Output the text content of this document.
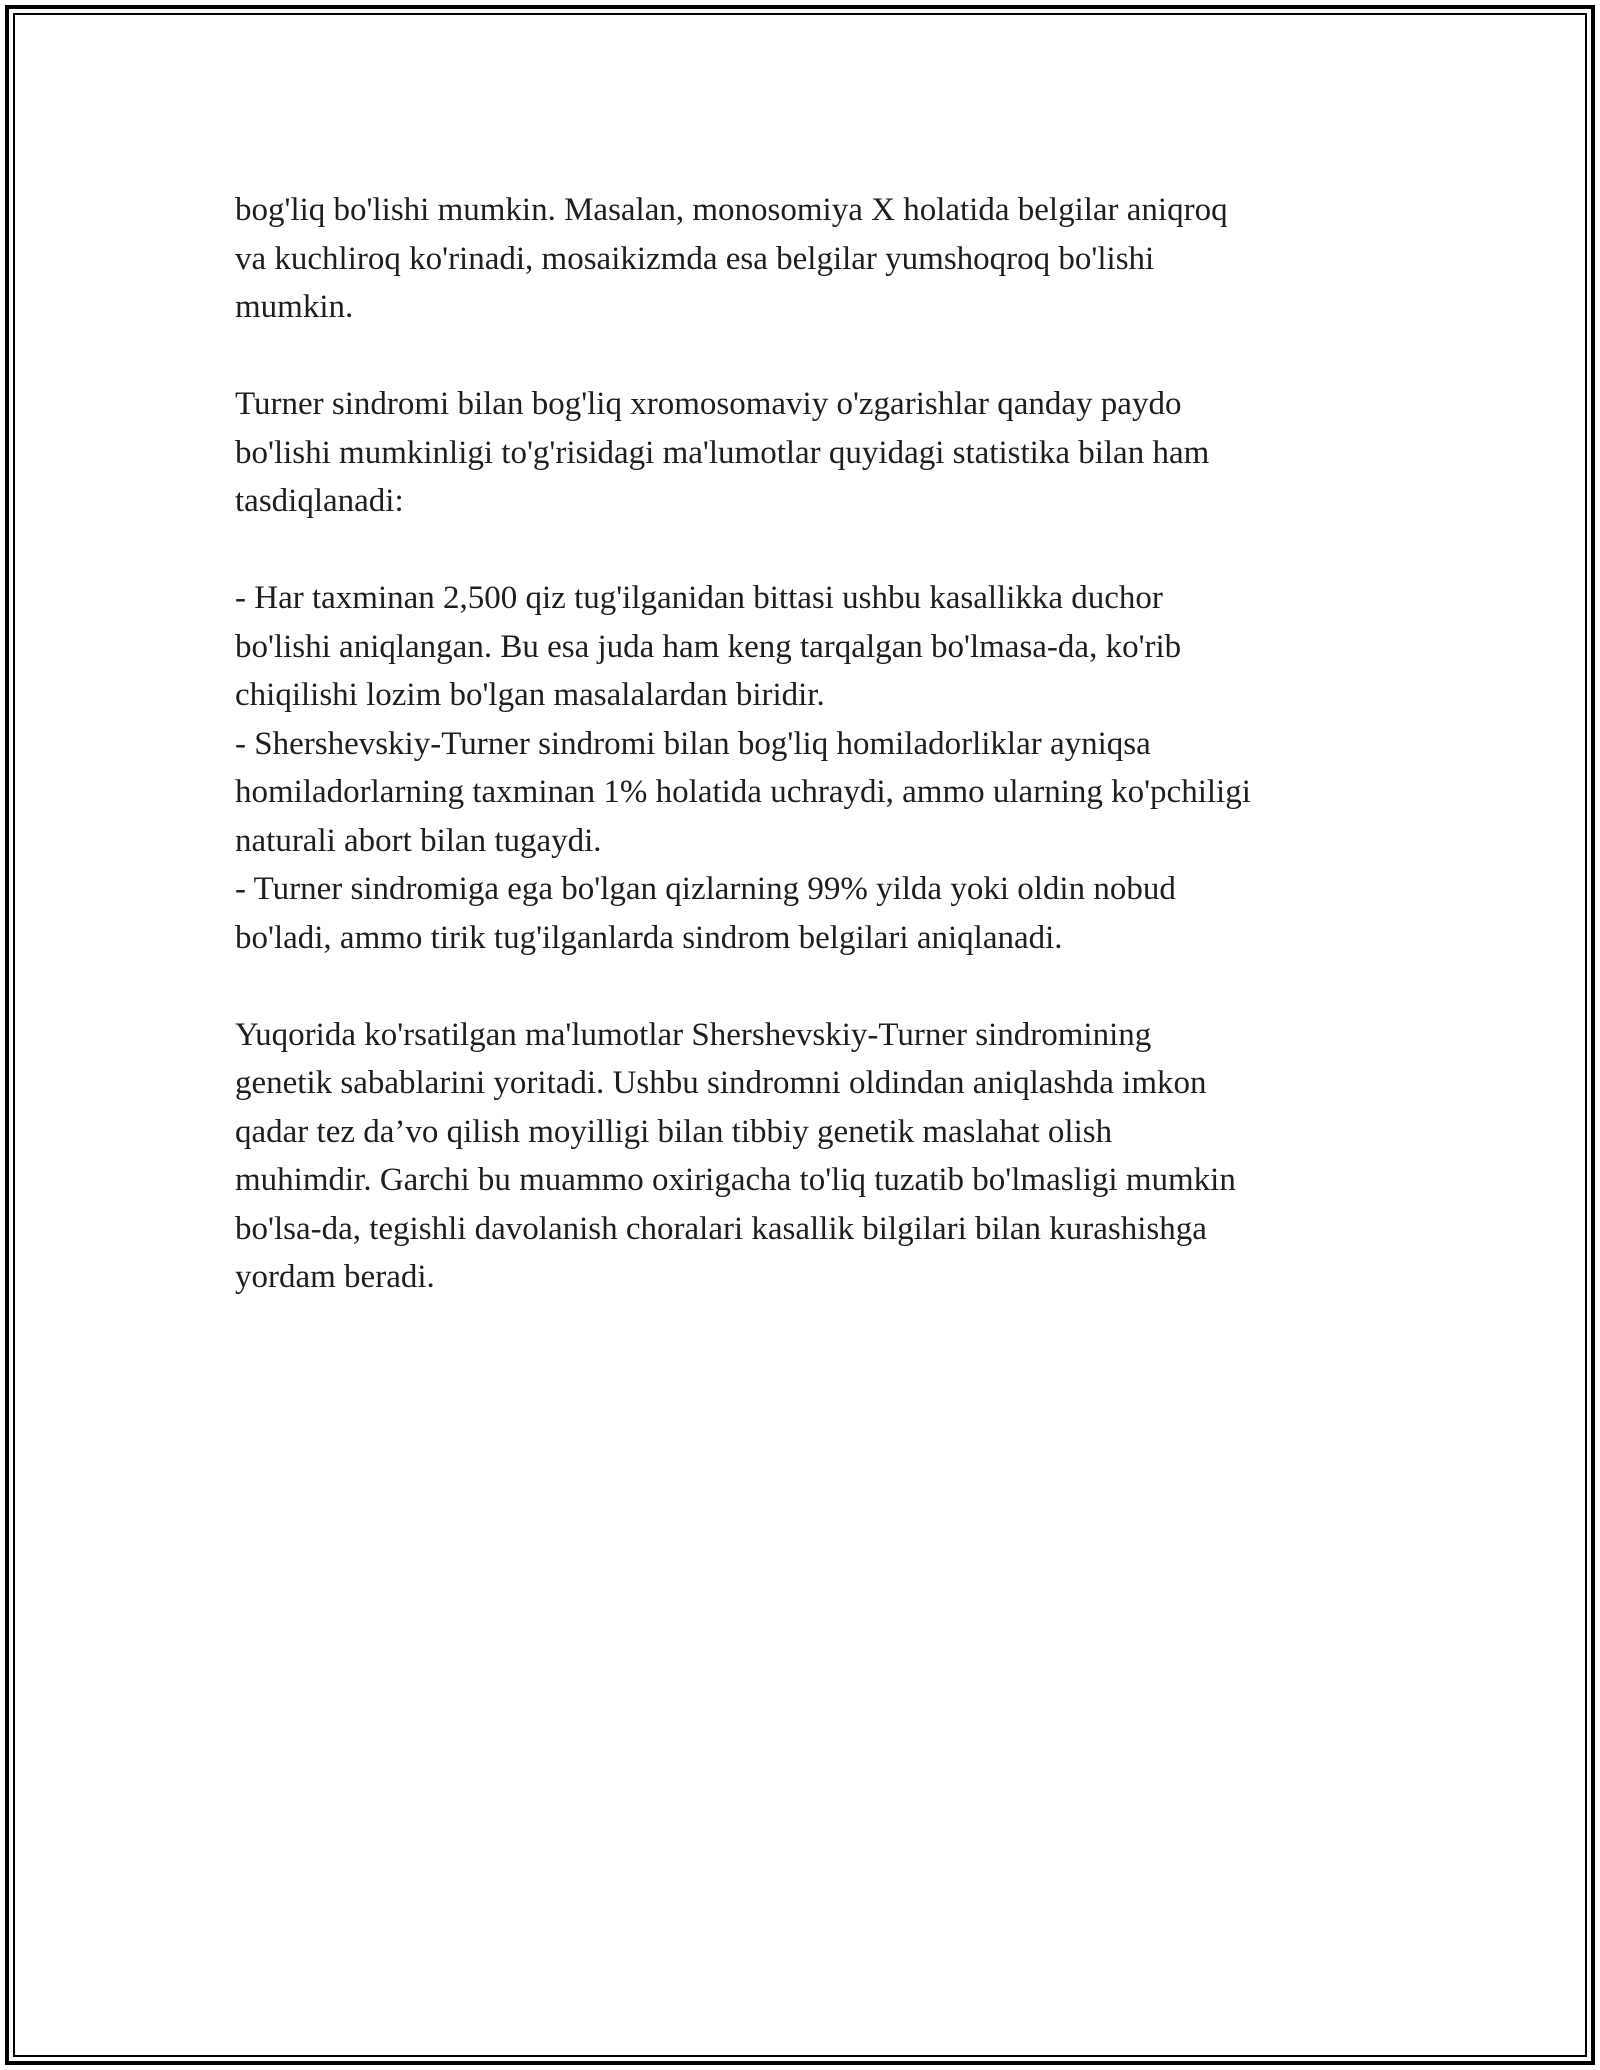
bog'liq bo'lishi mumkin. Masalan, monosomiya X holatida belgilar aniqroq
va kuchliroq ko'rinadi, mosaikizmda esa belgilar yumshoqroq bo'lishi
mumkin.
Turner sindromi bilan bog'liq xromosomaviy o'zgarishlar qanday paydo
bo'lishi mumkinligi to'g'risidagi ma'lumotlar quyidagi statistika bilan ham
tasdiqlanadi:
- Har taxminan 2,500 qiz tug'ilganidan bittasi ushbu kasallikka duchor
bo'lishi aniqlangan. Bu esa juda ham keng tarqalgan bo'lmasa-da, ko'rib
chiqilishi lozim bo'lgan masalalardan biridir.
- Shershevskiy-Turner sindromi bilan bog'liq homiladorliklar ayniqsa
homiladorlarning taxminan 1% holatida uchraydi, ammo ularning ko'pchiligi
naturali abort bilan tugaydi.
- Turner sindromiga ega bo'lgan qizlarning 99% yilda yoki oldin nobud
bo'ladi, ammo tirik tug'ilganlarda sindrom belgilari aniqlanadi.
Yuqorida ko'rsatilgan ma'lumotlar Shershevskiy-Turner sindromining
genetik sabablarini yoritadi. Ushbu sindromni oldindan aniqlashda imkon
qadar tez da’vo qilish moyilligi bilan tibbiy genetik maslahat olish
muhimdir. Garchi bu muammo oxirigacha to'liq tuzatib bo'lmasligi mumkin
bo'lsa-da, tegishli davolanish choralari kasallik bilgilari bilan kurashishga
yordam beradi.
